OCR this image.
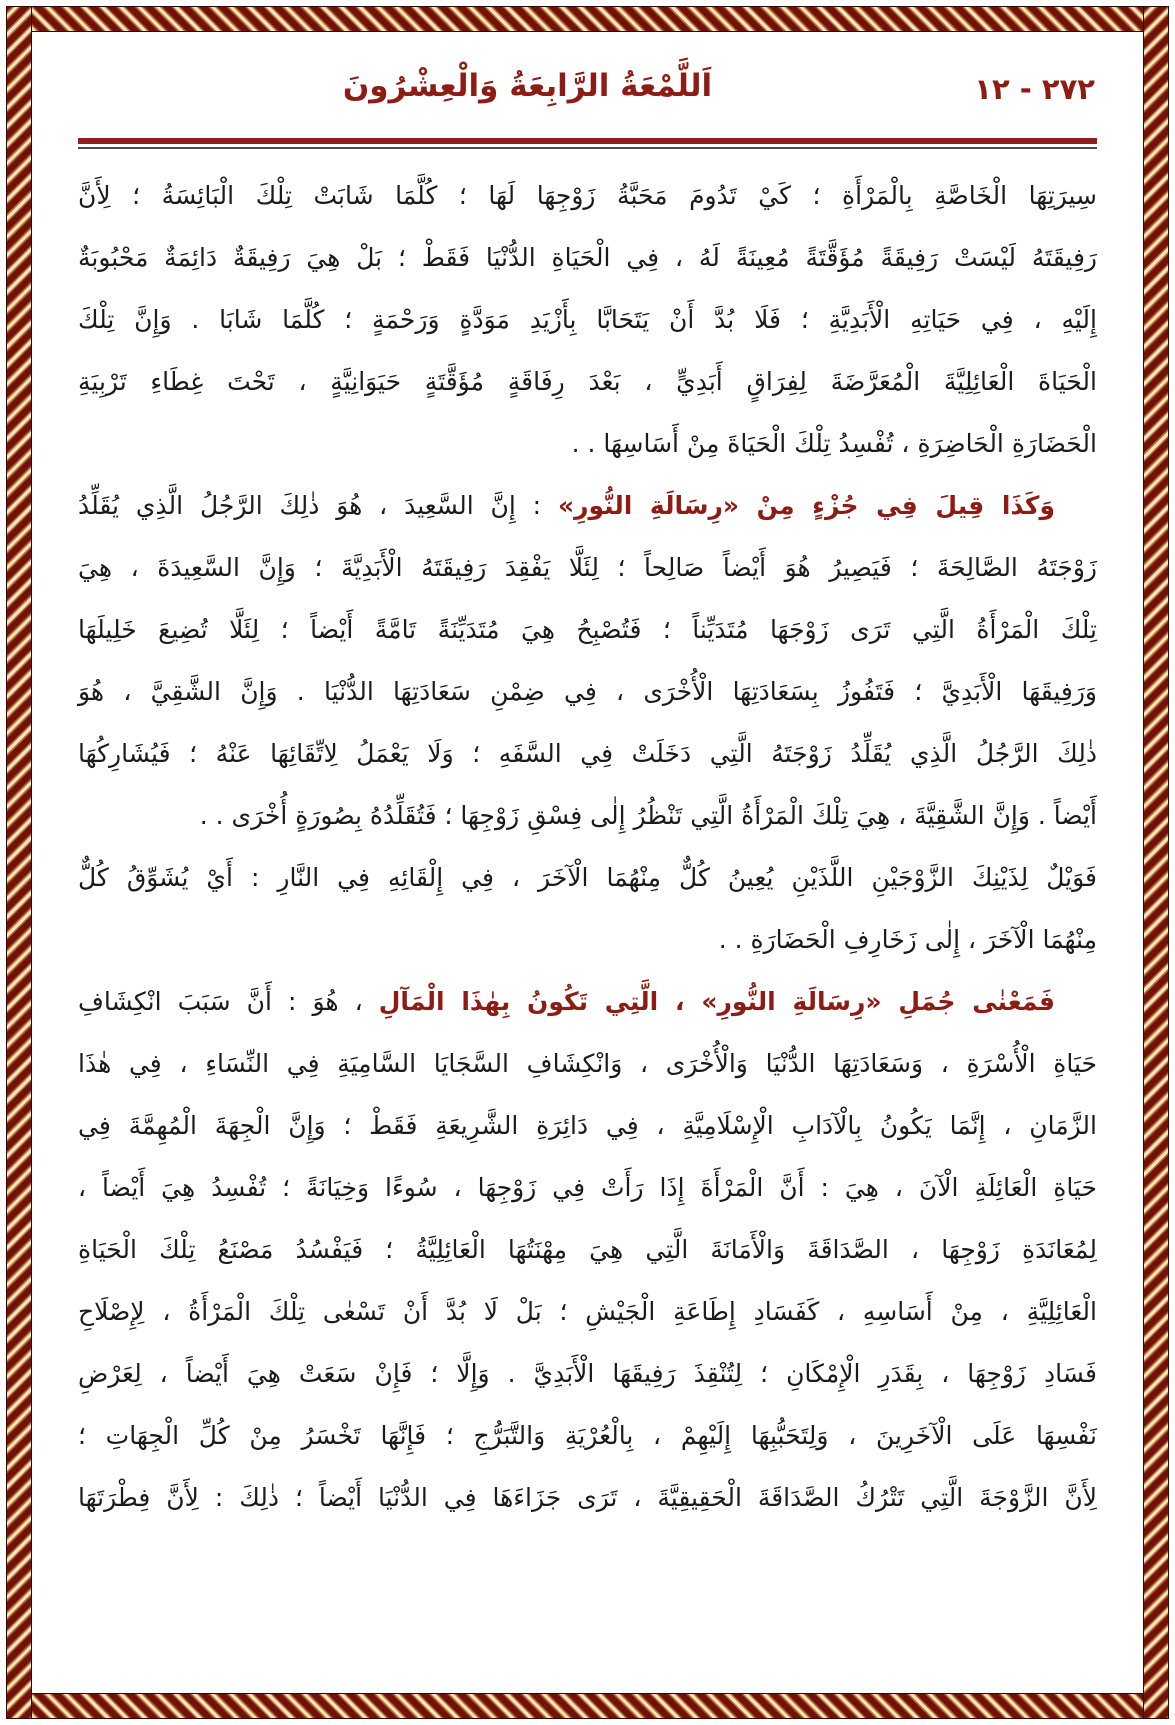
٢٧٢ - ١٢
اَللَّمْعَةُ الرَّابِعَةُ وَالْعِشْرُونَ
سِيرَتِهَا الْخَاصَّةِ بِالْمَرْأَةِ ؛ كَيْ تَدُومَ مَحَبَّةُ زَوْجِهَا لَهَا ؛ كُلَّمَا شَابَتْ تِلْكَ الْبَائِسَةُ ؛ لِأَنَّ
رَفِيقَتَهُ لَيْسَتْ رَفِيقَةً مُؤَقَّتَةً مُعِينَةً لَهُ ، فِي الْحَيَاةِ الدُّنْيَا فَقَطْ ؛ بَلْ هِيَ رَفِيقَةٌ دَائِمَةٌ مَحْبُوبَةٌ
إِلَيْهِ ، فِي حَيَاتِهِ الْأَبَدِيَّةِ ؛ فَلَا بُدَّ أَنْ يَتَحَابَّا بِأَزْيَدِ مَوَدَّةٍ وَرَحْمَةٍ ؛ كُلَّمَا شَابَا . وَإِنَّ تِلْكَ
الْحَيَاةَ الْعَائِلِيَّةَ الْمُعَرَّضَةَ لِفِرَاقٍ أَبَدِيٍّ ، بَعْدَ رِفَاقَةٍ مُؤَقَّتَةٍ حَيَوَانِيَّةٍ ، تَحْتَ غِطَاءِ تَرْبِيَةِ
الْحَضَارَةِ الْحَاضِرَةِ ، تُفْسِدُ تِلْكَ الْحَيَاةَ مِنْ أَسَاسِهَا . .
وَكَذَا قِيلَ فِي جُزْءٍ مِنْ «رِسَالَةِ النُّورِ» : إِنَّ السَّعِيدَ ، هُوَ ذٰلِكَ الرَّجُلُ الَّذِي يُقَلِّدُ
زَوْجَتَهُ الصَّالِحَةَ ؛ فَيَصِيرُ هُوَ أَيْضاً صَالِحاً ؛ لِئَلَّا يَفْقِدَ رَفِيقَتَهُ الْأَبَدِيَّةَ ؛ وَإِنَّ السَّعِيدَةَ ، هِيَ
تِلْكَ الْمَرْأَةُ الَّتِي تَرَى زَوْجَهَا مُتَدَيِّناً ؛ فَتُصْبِحُ هِيَ مُتَدَيِّنَةً تَامَّةً أَيْضاً ؛ لِئَلَّا تُضِيعَ خَلِيلَهَا
وَرَفِيقَهَا الْأَبَدِيَّ ؛ فَتَفُوزُ بِسَعَادَتِهَا الْأُخْرَى ، فِي ضِمْنِ سَعَادَتِهَا الدُّنْيَا . وَإِنَّ الشَّقِيَّ ، هُوَ
ذٰلِكَ الرَّجُلُ الَّذِي يُقَلِّدُ زَوْجَتَهُ الَّتِي دَخَلَتْ فِي السَّفَهِ ؛ وَلَا يَعْمَلُ لِاتِّقَائِهَا عَنْهُ ؛ فَيُشَارِكُهَا
أَيْضاً . وَإِنَّ الشَّقِيَّةَ ، هِيَ تِلْكَ الْمَرْأَةُ الَّتِي تَنْظُرُ إِلٰى فِسْقِ زَوْجِهَا ؛ فَتُقَلِّدُهُ بِصُورَةٍ أُخْرَى . .
فَوَيْلٌ لِذَيْنِكَ الزَّوْجَيْنِ اللَّذَيْنِ يُعِينُ كُلٌّ مِنْهُمَا الْآخَرَ ، فِي إِلْقَائِهِ فِي النَّارِ : أَيْ يُشَوِّقُ كُلٌّ
مِنْهُمَا الْآخَرَ ، إِلٰى زَخَارِفِ الْحَضَارَةِ . .
فَمَعْنٰى جُمَلِ «رِسَالَةِ النُّورِ» ، الَّتِي تَكُونُ بِهٰذَا الْمَآلِ ، هُوَ : أَنَّ سَبَبَ انْكِشَافِ
حَيَاةِ الْأُسْرَةِ ، وَسَعَادَتِهَا الدُّنْيَا وَالْأُخْرَى ، وَانْكِشَافِ السَّجَايَا السَّامِيَةِ فِي النِّسَاءِ ، فِي هٰذَا
الزَّمَانِ ، إِنَّمَا يَكُونُ بِالْآدَابِ الْإِسْلَامِيَّةِ ، فِي دَائِرَةِ الشَّرِيعَةِ فَقَطْ ؛ وَإِنَّ الْجِهَةَ الْمُهِمَّةَ فِي
حَيَاةِ الْعَائِلَةِ الْآنَ ، هِيَ : أَنَّ الْمَرْأَةَ إِذَا رَأَتْ فِي زَوْجِهَا ، سُوءًا وَخِيَانَةً ؛ تُفْسِدُ هِيَ أَيْضاً ،
لِمُعَانَدَةِ زَوْجِهَا ، الصَّدَاقَةَ وَالْأَمَانَةَ الَّتِي هِيَ مِهْنَتُهَا الْعَائِلِيَّةُ ؛ فَيَفْسُدُ مَصْنَعُ تِلْكَ الْحَيَاةِ
الْعَائِلِيَّةِ ، مِنْ أَسَاسِهِ ، كَفَسَادِ إِطَاعَةِ الْجَيْشِ ؛ بَلْ لَا بُدَّ أَنْ تَسْعٰى تِلْكَ الْمَرْأَةُ ، لِإِصْلَاحِ
فَسَادِ زَوْجِهَا ، بِقَدَرِ الْإِمْكَانِ ؛ لِتُنْقِذَ رَفِيقَهَا الْأَبَدِيَّ . وَإِلَّا ؛ فَإِنْ سَعَتْ هِيَ أَيْضاً ، لِعَرْضِ
نَفْسِهَا عَلَى الْآخَرِينَ ، وَلِتَحَبُّبِهَا إِلَيْهِمْ ، بِالْعُرْيَةِ وَالتَّبَرُّجِ ؛ فَإِنَّهَا تَخْسَرُ مِنْ كُلِّ الْجِهَاتِ ؛
لِأَنَّ الزَّوْجَةَ الَّتِي تَتْرُكُ الصَّدَاقَةَ الْحَقِيقِيَّةَ ، تَرَى جَزَاءَهَا فِي الدُّنْيَا أَيْضاً ؛ ذٰلِكَ : لِأَنَّ فِطْرَتَهَا
